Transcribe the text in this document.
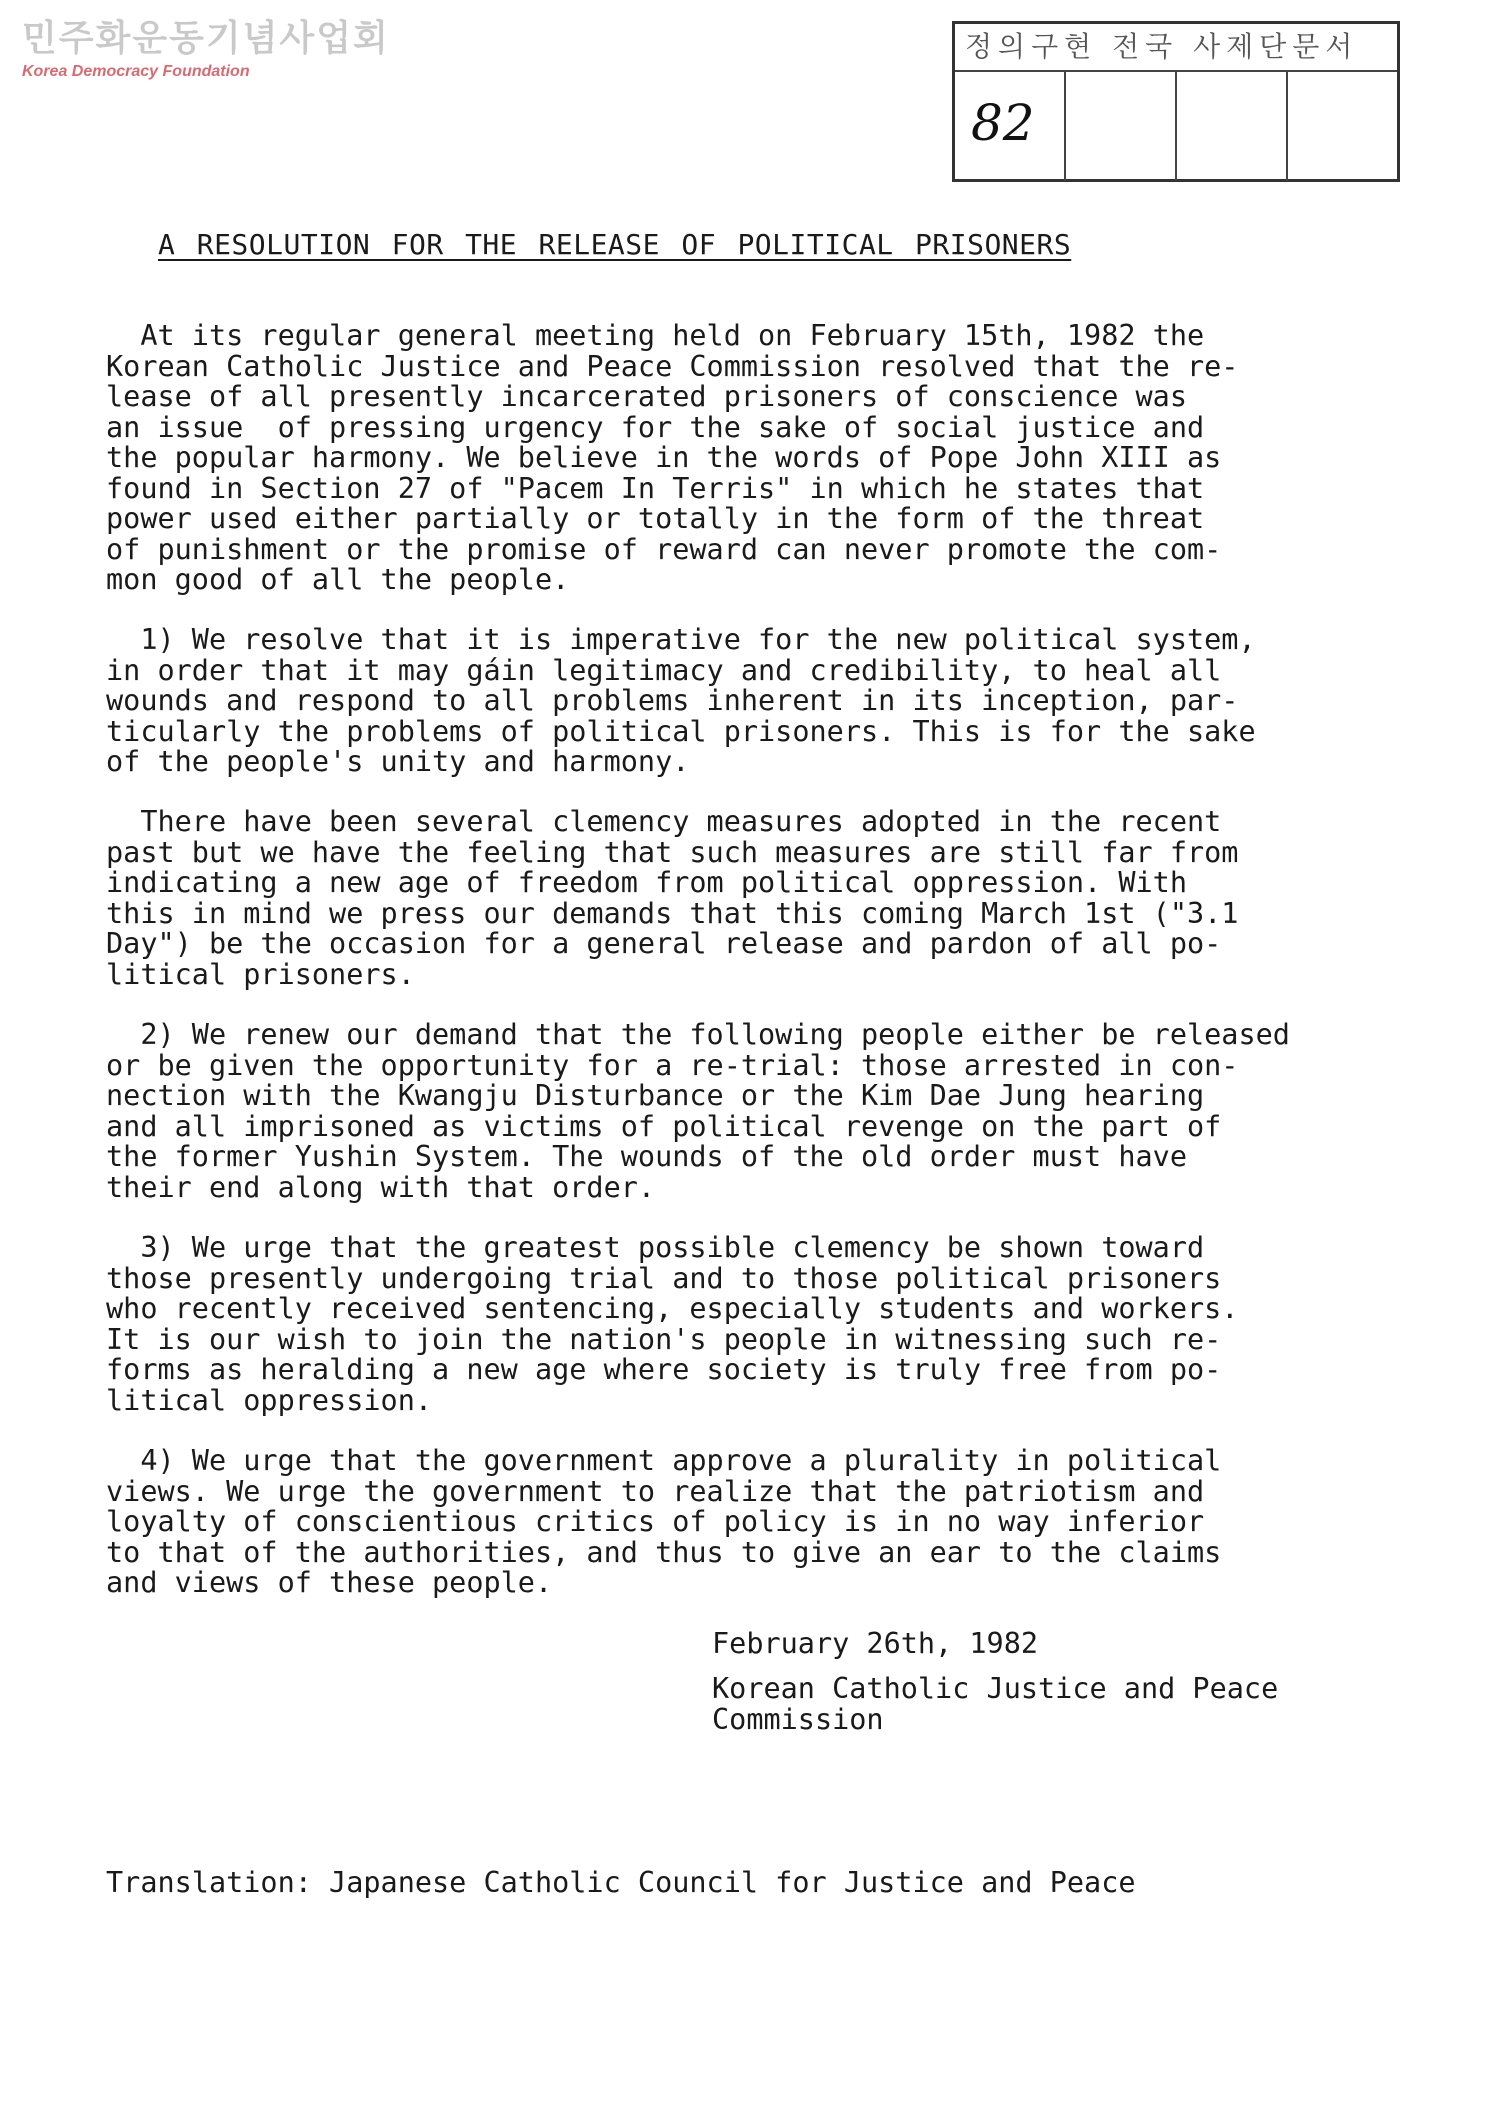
민주화운동기념사업회
Korea Democracy Foundation
정의구현 전국 사제단문서
82
A RESOLUTION FOR THE RELEASE OF POLITICAL PRISONERS

At its regular general meeting held on February 15th, 1982 the
Korean Catholic Justice and Peace Commission resolved that the re-
lease of all presently incarcerated prisoners of conscience was
an issue  of pressing urgency for the sake of social justice and
the popular harmony. We believe in the words of Pope John XIII as
found in Section 27 of "Pacem In Terris" in which he states that
power used either partially or totally in the form of the threat
of punishment or the promise of reward can never promote the com-
mon good of all the people.

1) We resolve that it is imperative for the new political system,
in order that it may gáin legitimacy and credibility, to heal all
wounds and respond to all problems inherent in its inception, par-
ticularly the problems of political prisoners. This is for the sake
of the people's unity and harmony.

There have been several clemency measures adopted in the recent
past but we have the feeling that such measures are still far from
indicating a new age of freedom from political oppression. With
this in mind we press our demands that this coming March 1st ("3.1
Day") be the occasion for a general release and pardon of all po-
litical prisoners.

2) We renew our demand that the following people either be released
or be given the opportunity for a re-trial: those arrested in con-
nection with the Kwangju Disturbance or the Kim Dae Jung hearing
and all imprisoned as victims of political revenge on the part of
the former Yushin System. The wounds of the old order must have
their end along with that order.

3) We urge that the greatest possible clemency be shown toward
those presently undergoing trial and to those political prisoners
who recently received sentencing, especially students and workers.
It is our wish to join the nation's people in witnessing such re-
forms as heralding a new age where society is truly free from po-
litical oppression.

4) We urge that the government approve a plurality in political
views. We urge the government to realize that the patriotism and
loyalty of conscientious critics of policy is in no way inferior
to that of the authorities, and thus to give an ear to the claims
and views of these people.

February 26th, 1982

Korean Catholic Justice and Peace
Commission

Translation: Japanese Catholic Council for Justice and Peace
